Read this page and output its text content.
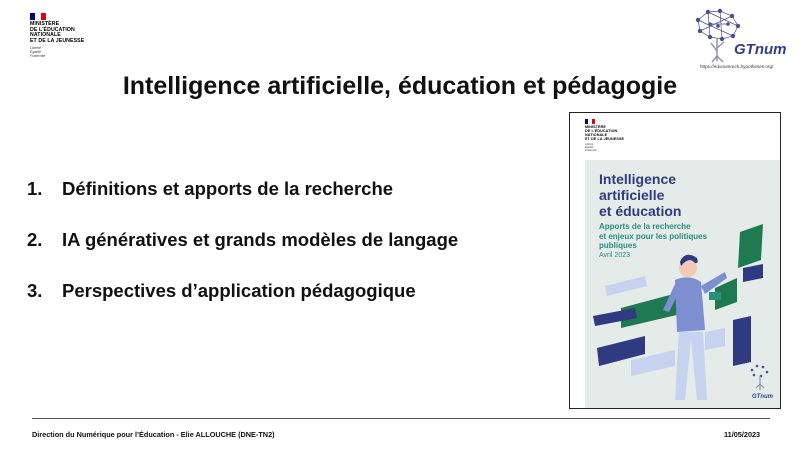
MINISTÈRE
DE L'ÉDUCATION
NATIONALE
ET DE LA JEUNESSE
Liberté
Égalité
Fraternité	GTnum
https://edunumrech.hypotheses.org/
Intelligence artificielle, éducation et pédagogie
1.	Définitions et apports de la recherche
2.	IA génératives et grands modèles de langage
3.	Perspectives d’application pédagogique
MINISTÈRE
DE L'ÉDUCATION
NATIONALE
ET DE LA JEUNESSE
Liberté
Égalité
Fraternité
GTnum
Intelligence
artificielle
et éducation
Apports de la recherche
et enjeux pour les politiques
publiques
Avril 2023
Direction du Numérique pour l’Éducation - Elie ALLOUCHE (DNE-TN2)	11/05/2023
